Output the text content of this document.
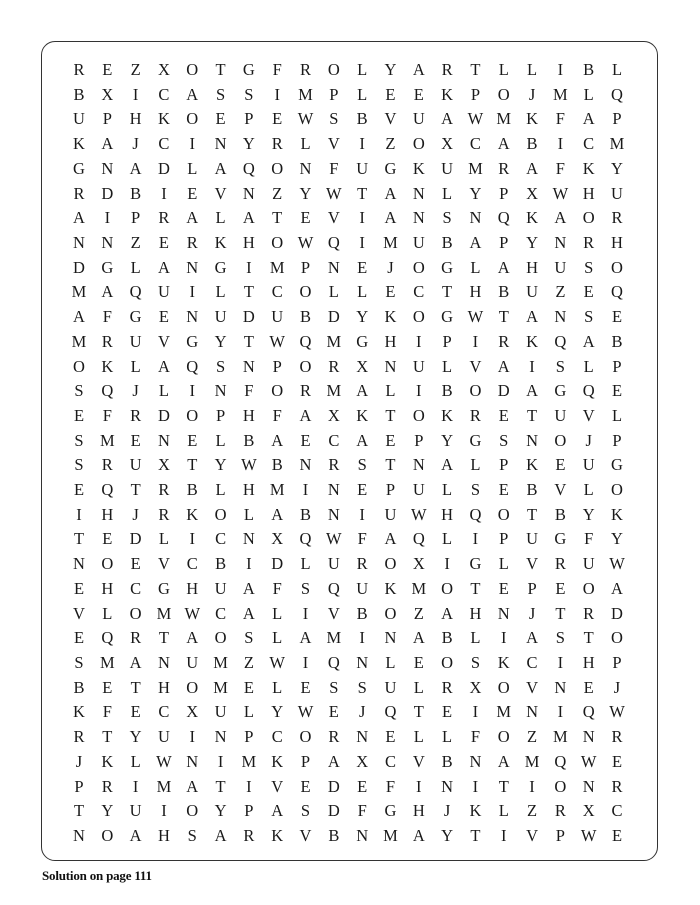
R	E	Z	X O	T	G	F	R	O	L	Y A	R	T	L	L	I	B	L
B	X	I	C	A	S	S	I	M P	L	E	E	K	P	O	J	M L	Q
U	P	H K O	E	P	E W S	B	V U A W M K	F	A	P
K A	J	C	I	N Y	R	L	V	I	Z	O X	C	A	B	I	C M
G N A D	L	A Q O N	F	U G K U M R	A	F	K Y
R	D	B	I	E	V N	Z	Y W T	A N	L	Y	P	X W H U
A	I	P	R	A	L	A	T	E	V	I	A N	S	N Q K A O	R
N N	Z	E	R	K H O W Q	I	M U	B	A	P	Y N	R	H
D G	L	A N G	I	M P	N	E	J	O G	L	A H U	S	O
M A Q U	I	L	T	C	O	L	L	E	C	T	H	B	U	Z	E	Q
A	F	G	E	N U D U	B	D Y K O G W T	A N	S	E
M R	U V G Y	T W Q M G H	I	P	I	R	K Q A	B
O K	L	A Q	S	N	P	O	R	X N U	L	V A	I	S	L	P
S	Q	J	L	I	N	F	O	R M A	L	I	B	O D A G Q	E
E	F	R	D O	P	H	F	A X K	T	O K	R	E	T	U V	L
S M E	N	E	L	B	A	E	C	A	E	P	Y G	S	N O	J	P
S	R	U X	T	Y W B	N	R	S	T	N A	L	P	K	E	U G
E	Q	T	R	B	L	H M	I	N	E	P	U	L	S	E	B	V	L	O
I	H	J	R	K O	L	A	B	N	I	U W H Q O	T	B	Y K
T	E	D	L	I	C	N X Q W F	A Q	L	I	P	U G	F	Y
N O	E	V	C	B	I	D	L	U	R	O X	I	G	L	V	R	U W
E	H	C	G H U A	F	S	Q U K M O	T	E	P	E	O A
V	L	O M W C	A	L	I	V	B	O	Z	A H N	J	T	R	D
E	Q	R	T	A O	S	L	A M	I	N A	B	L	I	A	S	T	O
S M A N U M Z W	I	Q N	L	E	O	S	K	C	I	H	P
B	E	T	H O M E	L	E	S	S	U	L	R	X O V N	E	J
K	F	E	C	X U	L	Y W E	J	Q	T	E	I	M N	I	Q W
R	T	Y U	I	N	P	C	O	R	N	E	L	L	F	O	Z M N	R
J	K	L W N	I	M K	P	A X	C	V	B	N A M Q W E
P	R	I	M A	T	I	V	E	D	E	F	I	N	I	T	I	O N	R
T	Y U	I	O Y	P	A	S	D	F	G H	J	K	L	Z	R	X	C
N O A H	S	A	R	K V	B	N M A Y	T	I	V	P W E
Solution on page 111
